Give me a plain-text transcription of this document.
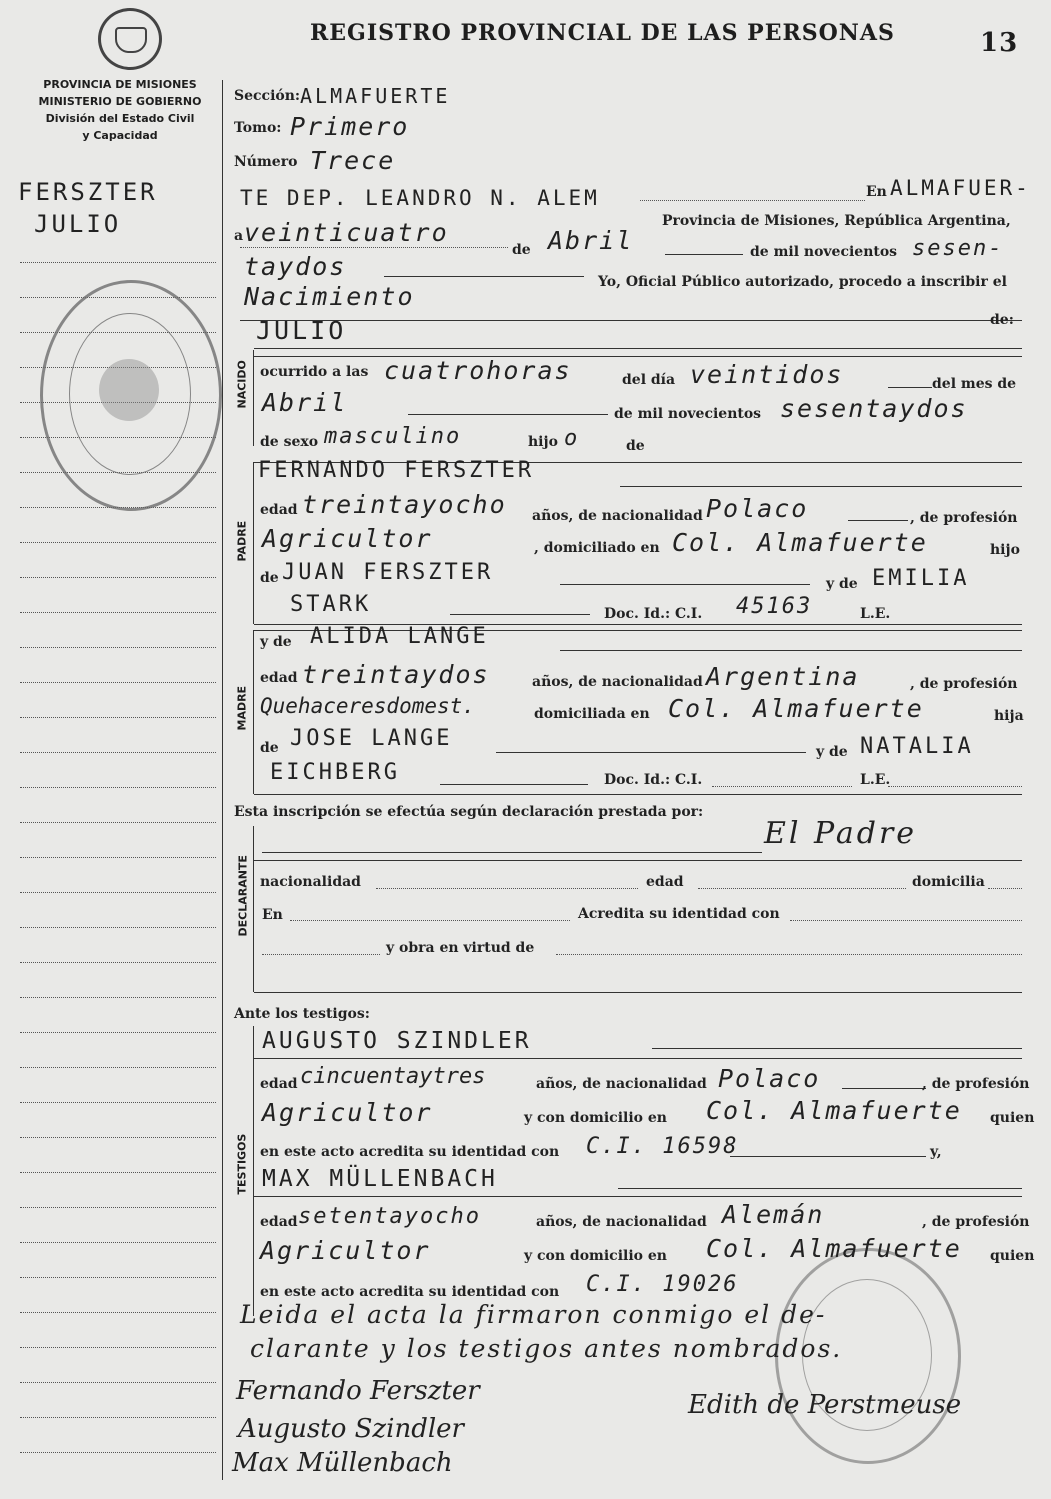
REGISTRO PROVINCIAL DE LAS PERSONAS	13
PROVINCIA DE MISIONES
MINISTERIO DE GOBIERNO
División del Estado Civil
y Capacidad
FERSZTER
JULIO
Sección: ALMAFUERTE
Tomo: Primero
Número Trece
TE DEP. LEANDRO N. ALEM	En ALMAFUER-
Provincia de Misiones, República Argentina,
a veinticuatro
de Abril	de mil novecientos sesen-
taydos
Yo, Oficial Público autorizado, procedo a inscribir el
Nacimiento
JULIO	de:
NACIDO ocurrido a las cuatrohoras	del día veintidos	del mes de
Abril	de mil novecientos sesentaydos
de sexo masculino	hijo o	de
PADRE
FERNANDO FERSZTER
edad treintayocho años, de nacionalidad Polaco	, de profesión
Agricultor	, domiciliado en Col. Almafuerte	hijo
de JUAN FERSZTER	y de EMILIA
STARK	Doc. Id.: C.I. 45163	L.E.
MADRE
y de ALIDA LANGE
edad treintaydos	años, de nacionalidad Argentina	, de profesión
Quehaceresdomest.	domiciliada en Col. Almafuerte	hija
de JOSE LANGE
y de NATALIA
EICHBERG	Doc. Id.: C.I.	L.E.
Esta inscripción se efectúa según declaración prestada por:
DECLARANTE
El Padre
nacionalidad	edad	domicilia
En	Acredita su identidad con
y obra en virtud de
Ante los testigos:
TESTIGOS
AUGUSTO SZINDLER
edad cincuentaytres	años, de nacionalidad Polaco	, de profesión
Agricultor	y con domicilio en Col. Almafuerte quien
en este acto acredita su identidad con C.I. 16598	y,
MAX MÜLLENBACH
edad setentayocho	años, de nacionalidad Alemán	, de profesión
Agricultor	y con domicilio en Col. Almafuerte quien
en este acto acredita su identidad con C.I. 19026
Leida el acta la firmaron conmigo el de-
clarante y los testigos antes nombrados.
Fernando Ferszter
Augusto Szindler
Max Müllenbach
Edith de Perstmeuse
